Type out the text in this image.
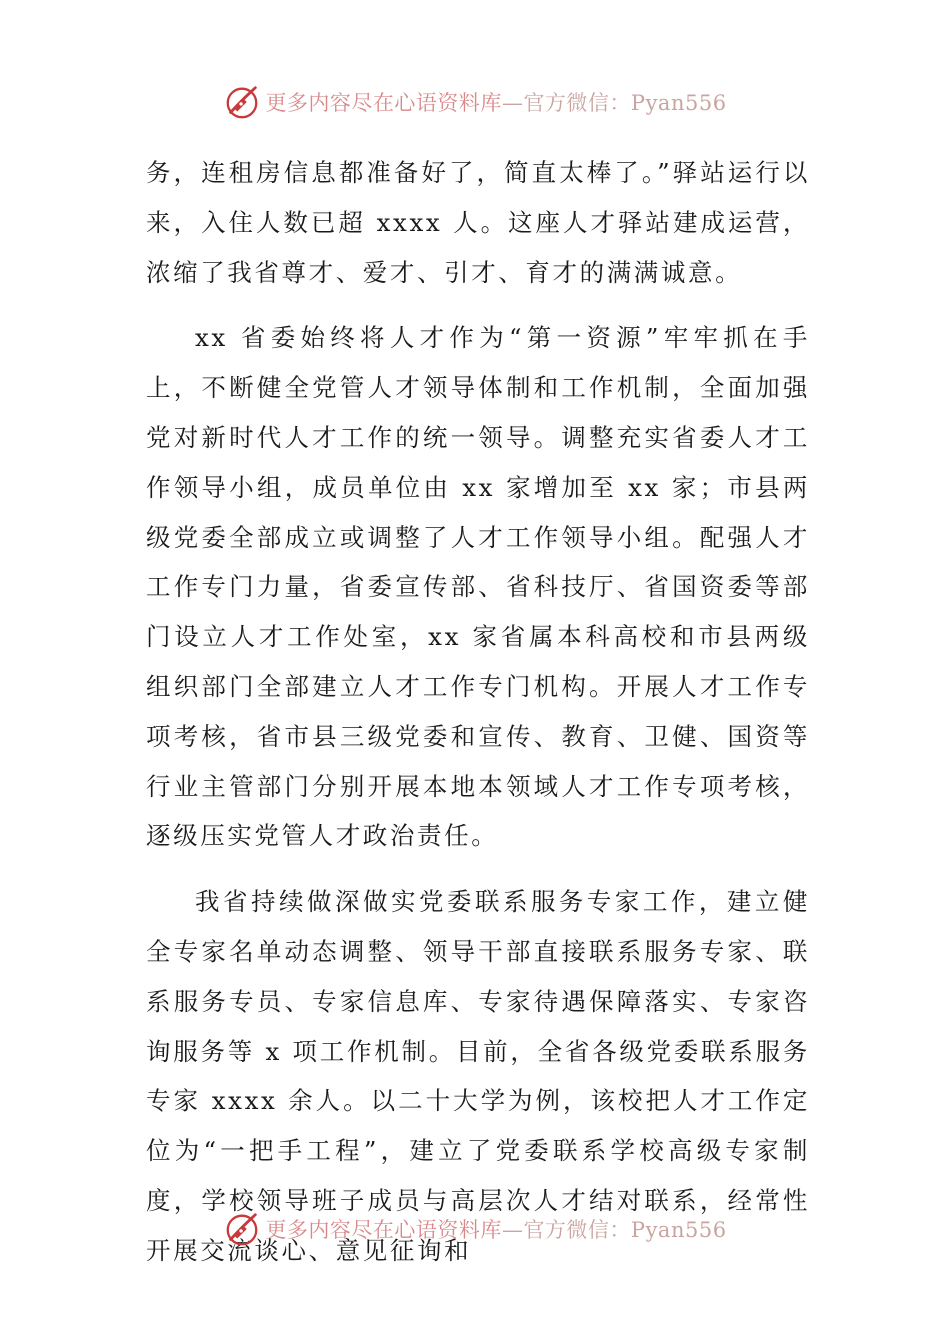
更多内容尽在心语资料库—官方微信：Pyan556

务，连租房信息都准备好了，简直太棒了。”驿站运行以来，入住人数已超 xxxx 人。这座人才驿站建成运营，浓缩了我省尊才、爱才、引才、育才的满满诚意。

xx 省委始终将人才作为“第一资源”牢牢抓在手上，不断健全党管人才领导体制和工作机制，全面加强党对新时代人才工作的统一领导。调整充实省委人才工作领导小组，成员单位由 xx 家增加至 xx 家；市县两级党委全部成立或调整了人才工作领导小组。配强人才工作专门力量，省委宣传部、省科技厅、省国资委等部门设立人才工作处室，xx 家省属本科高校和市县两级组织部门全部建立人才工作专门机构。开展人才工作专项考核，省市县三级党委和宣传、教育、卫健、国资等行业主管部门分别开展本地本领域人才工作专项考核，逐级压实党管人才政治责任。

我省持续做深做实党委联系服务专家工作，建立健全专家名单动态调整、领导干部直接联系服务专家、联系服务专员、专家信息库、专家待遇保障落实、专家咨询服务等 x 项工作机制。目前，全省各级党委联系服务专家 xxxx 余人。以二十大学为例，该校把人才工作定位为“一把手工程”，建立了党委联系学校高级专家制度，学校领导班子成员与高层次人才结对联系，经常性开展交流谈心、意见征询和

更多内容尽在心语资料库—官方微信：Pyan556
